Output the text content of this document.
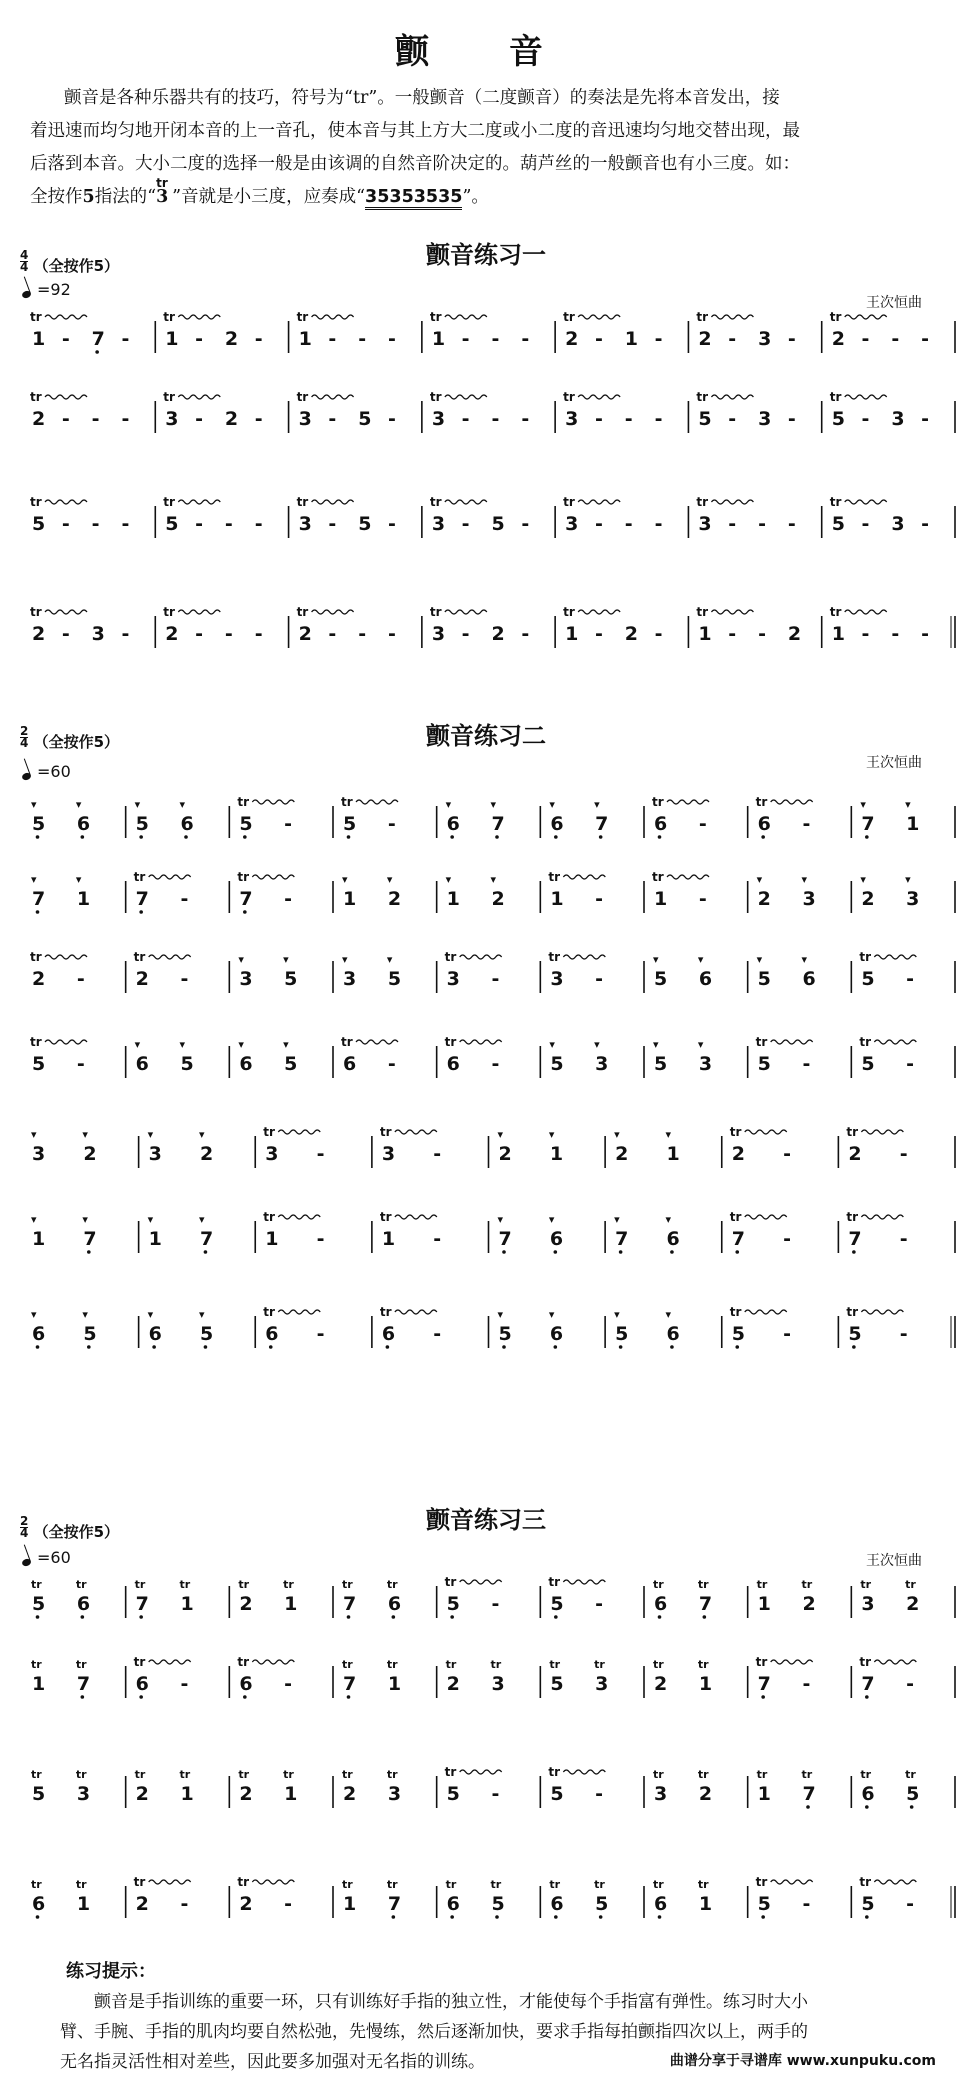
颤 音

颤音是各种乐器共有的技巧，符号为“tr”。一般颤音（二度颤音）的奏法是先将本音发出，接

着迅速而均匀地开闭本音的上一音孔，使本音与其上方大二度或小二度的音迅速均匀地交替出现，最
后落到本音。大小二度的选择一般是由该调的自然音阶决定的。葫芦丝的一般颤音也有小三度。如：
全按作5指法的“
tr
3 ”音就是小三度，应奏成“35353535”。
颤音练习一
$\frac{4}{4}$ （全按作5）
=92
王次恒曲
颤音练习二
$\frac{2}{4}$ （全按作5）
=60	王次恒曲
颤音练习三
$\frac{2}{4}$ （全按作5）
=60	王次恒曲
1
tr
- 7 - 1
tr
- 2 - 1
tr
- - - 1
tr
- - - 2
tr
- 1 - 2
tr
- 3 - 2
tr
- - -
2
tr
- - - 3
tr
- 2 - 3
tr
- 5 - 3
tr
- - - 3
tr
- - - 5
tr
- 3 - 5
tr
- 3 -
5
tr
- - - 5
tr
- - - 3
tr
- 5 - 3
tr
- 5 - 3
tr
- - - 3
tr
- - - 5
tr
- 3 -
2
tr
- 3 - 2
tr
- - - 2
tr
- - - 3
tr
- 2 - 1
tr
- 2 - 1
tr
- - 2 1
tr
- - -
5
▾
6
▾
5
▾
6
▾
5
tr
-	5
tr
-	6
▾
7
▾
6
▾
7
▾
6
tr
-	6
tr
-	7
▾
1
▾
7
▾
1
▾
7
tr
-	7
tr
-	1
▾
2
▾
1
▾
2
▾
1
tr
-	1
tr
-	2
▾
3
▾
2
▾
3
▾
2
tr
-	2
tr
-	3
▾
5
▾
3
▾
5
▾
3
tr
-	3
tr
-	5
▾
6
▾
5
▾
6
▾
5
tr
-
5
tr
-	6
▾
5
▾
6
▾
5
▾
6
tr
-	6
tr
-	5
▾
3
▾
5
▾
3
▾
5
tr
-	5
tr
-
3
▾
2
▾
3
▾
2
▾
3
tr
-	3
tr
-	2
▾
1
▾
2
▾
1
▾
2
tr
-	2
tr
-
1
▾
7
▾
1
▾
7
▾
1
tr
-	1
tr
-	7
▾
6
▾
7
▾
6
▾
7
tr
-	7
tr
-
6
▾
5
▾
6
▾
5
▾
6
tr
-	6
tr
-	5
▾
6
▾
5
▾
6
▾
5
tr
-	5
tr
-
5
tr
6
tr
7
tr
1
tr
2
tr
1
tr
7
tr
6
tr
5
tr
-	5
tr
-	6
tr
7
tr
1
tr
2
tr
3
tr
2
tr
1
tr
7
tr
6
tr
-	6
tr
-	7
tr
1
tr
2
tr
3
tr
5
tr
3
tr
2
tr
1
tr
7
tr
-	7
tr
-
5
tr
3
tr
2
tr
1
tr
2
tr
1
tr
2
tr
3
tr
5
tr
-	5
tr
-	3
tr
2
tr
1
tr
7
tr
6
tr
5
tr
6
tr
1
tr
2
tr
-	2
tr
-	1
tr
7
tr
6
tr
5
tr
6
tr
5
tr
6
tr
1
tr
5
tr
-	5
tr
-
练习提示：

颤音是手指训练的重要一环，只有训练好手指的独立性，才能使每个手指富有弹性。练习时大小

臂、手腕、手指的肌肉均要自然松弛，先慢练，然后逐渐加快，要求手指每拍颤指四次以上，两手的
无名指灵活性相对差些，因此要多加强对无名指的训练。	曲谱分享于寻谱库 www.xunpuku.com
